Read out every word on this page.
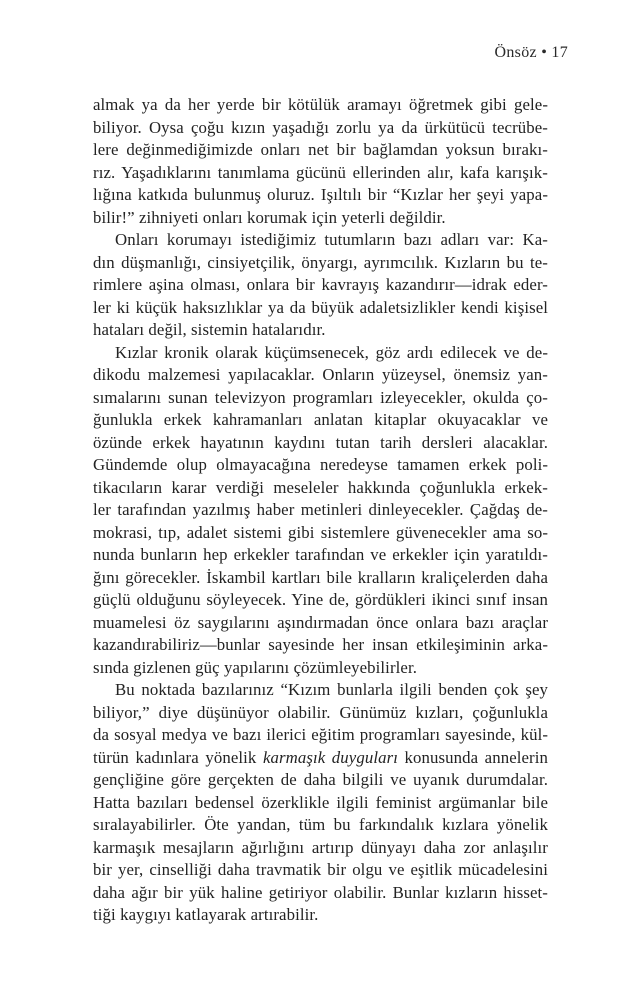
Önsöz • 17
almak ya da her yerde bir kötülük aramayı öğretmek gibi gele-
biliyor. Oysa çoğu kızın yaşadığı zorlu ya da ürkütücü tecrübe-
lere değinmediğimizde onları net bir bağlamdan yoksun bırakı-
rız. Yaşadıklarını tanımlama gücünü ellerinden alır, kafa karışık-
lığına katkıda bulunmuş oluruz. Işıltılı bir “Kızlar her şeyi yapa-
bilir!” zihniyeti onları korumak için yeterli değildir.
Onları korumayı istediğimiz tutumların bazı adları var: Ka-
dın düşmanlığı, cinsiyetçilik, önyargı, ayrımcılık. Kızların bu te-
rimlere aşina olması, onlara bir kavrayış kazandırır—idrak eder-
ler ki küçük haksızlıklar ya da büyük adaletsizlikler kendi kişisel
hataları değil, sistemin hatalarıdır.
Kızlar kronik olarak küçümsenecek, göz ardı edilecek ve de-
dikodu malzemesi yapılacaklar. Onların yüzeysel, önemsiz yan-
sımalarını sunan televizyon programları izleyecekler, okulda ço-
ğunlukla erkek kahramanları anlatan kitaplar okuyacaklar ve
özünde erkek hayatının kaydını tutan tarih dersleri alacaklar.
Gündemde olup olmayacağına neredeyse tamamen erkek poli-
tikacıların karar verdiği meseleler hakkında çoğunlukla erkek-
ler tarafından yazılmış haber metinleri dinleyecekler. Çağdaş de-
mokrasi, tıp, adalet sistemi gibi sistemlere güvenecekler ama so-
nunda bunların hep erkekler tarafından ve erkekler için yaratıldı-
ğını görecekler. İskambil kartları bile kralların kraliçelerden daha
güçlü olduğunu söyleyecek. Yine de, gördükleri ikinci sınıf insan
muamelesi öz saygılarını aşındırmadan önce onlara bazı araçlar
kazandırabiliriz—bunlar sayesinde her insan etkileşiminin arka-
sında gizlenen güç yapılarını çözümleyebilirler.
Bu noktada bazılarınız “Kızım bunlarla ilgili benden çok şey
biliyor,” diye düşünüyor olabilir. Günümüz kızları, çoğunlukla
da sosyal medya ve bazı ilerici eğitim programları sayesinde, kül-
türün kadınlara yönelik karmaşık duyguları konusunda annelerin
gençliğine göre gerçekten de daha bilgili ve uyanık durumdalar.
Hatta bazıları bedensel özerklikle ilgili feminist argümanlar bile
sıralayabilirler. Öte yandan, tüm bu farkındalık kızlara yönelik
karmaşık mesajların ağırlığını artırıp dünyayı daha zor anlaşılır
bir yer, cinselliği daha travmatik bir olgu ve eşitlik mücadelesini
daha ağır bir yük haline getiriyor olabilir. Bunlar kızların hisset-
tiği kaygıyı katlayarak artırabilir.
